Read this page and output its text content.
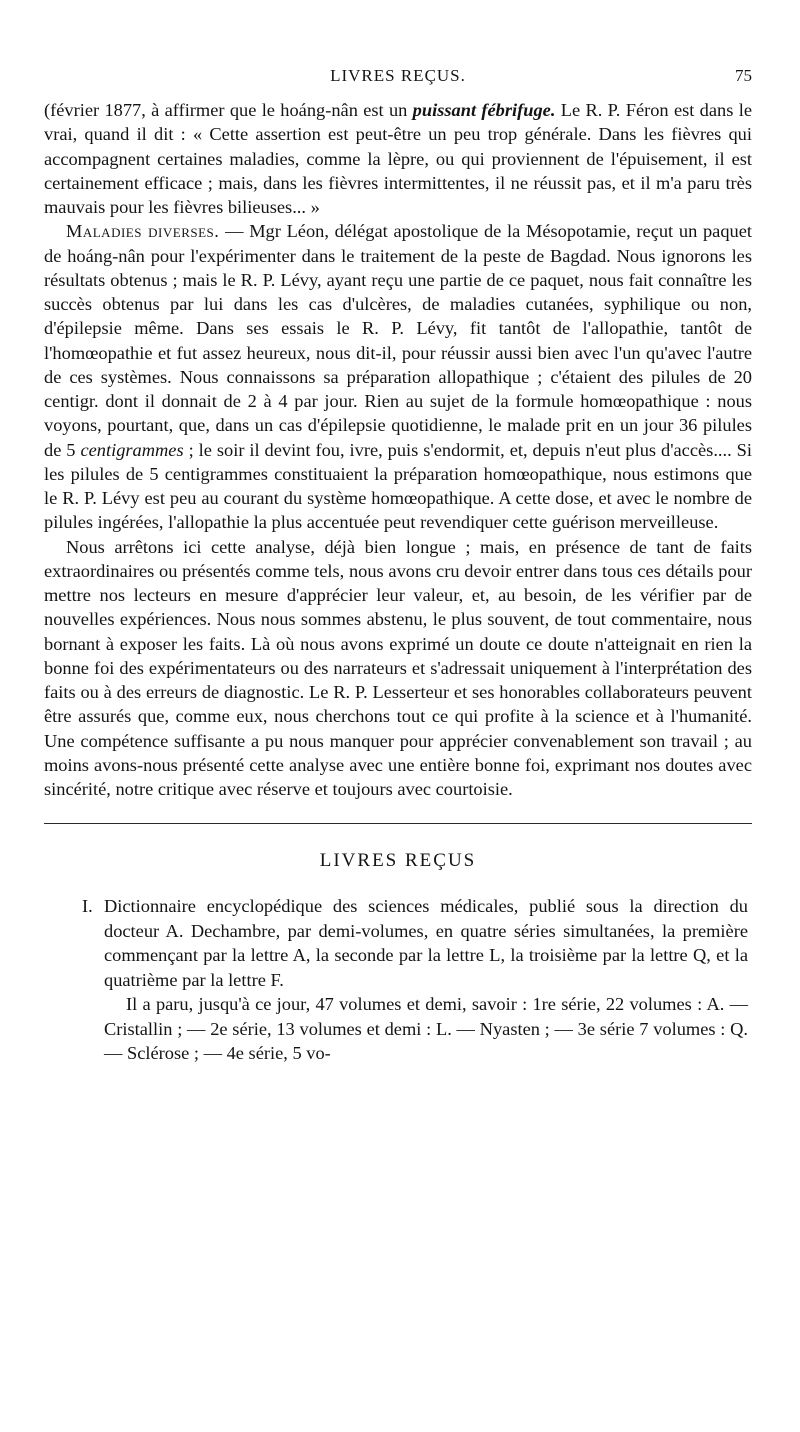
LIVRES REÇUS.	75

(février 1877, à affirmer que le hoáng-nân est un puissant fébrifuge. Le R. P. Féron est dans le vrai, quand il dit : « Cette assertion est peut-être un peu trop générale. Dans les fièvres qui accompagnent certaines maladies, comme la lèpre, ou qui proviennent de l'épuisement, il est certainement efficace ; mais, dans les fièvres intermittentes, il ne réussit pas, et il m'a paru très mauvais pour les fièvres bilieuses... »

Maladies diverses. — Mgr Léon, délégat apostolique de la Mésopotamie, reçut un paquet de hoáng-nân pour l'expérimenter dans le traitement de la peste de Bagdad. Nous ignorons les résultats obtenus ; mais le R. P. Lévy, ayant reçu une partie de ce paquet, nous fait connaître les succès obtenus par lui dans les cas d'ulcères, de maladies cutanées, syphilique ou non, d'épilepsie même. Dans ses essais le R. P. Lévy, fit tantôt de l'allopathie, tantôt de l'homœopathie et fut assez heureux, nous dit-il, pour réussir aussi bien avec l'un qu'avec l'autre de ces systèmes. Nous connaissons sa préparation allopathique ; c'étaient des pilules de 20 centigr. dont il donnait de 2 à 4 par jour. Rien au sujet de la formule homœopathique : nous voyons, pourtant, que, dans un cas d'épilepsie quotidienne, le malade prit en un jour 36 pilules de 5 centigrammes ; le soir il devint fou, ivre, puis s'endormit, et, depuis n'eut plus d'accès.... Si les pilules de 5 centigrammes constituaient la préparation homœopathique, nous estimons que le R. P. Lévy est peu au courant du système homœopathique. A cette dose, et avec le nombre de pilules ingérées, l'allopathie la plus accentuée peut revendiquer cette guérison merveilleuse.

Nous arrêtons ici cette analyse, déjà bien longue ; mais, en présence de tant de faits extraordinaires ou présentés comme tels, nous avons cru devoir entrer dans tous ces détails pour mettre nos lecteurs en mesure d'apprécier leur valeur, et, au besoin, de les vérifier par de nouvelles expériences. Nous nous sommes abstenu, le plus souvent, de tout commentaire, nous bornant à exposer les faits. Là où nous avons exprimé un doute ce doute n'atteignait en rien la bonne foi des expérimentateurs ou des narrateurs et s'adressait uniquement à l'interprétation des faits ou à des erreurs de diagnostic. Le R. P. Lesserteur et ses honorables collaborateurs peuvent être assurés que, comme eux, nous cherchons tout ce qui profite à la science et à l'humanité. Une compétence suffisante a pu nous manquer pour apprécier convenablement son travail ; au moins avons-nous présenté cette analyse avec une entière bonne foi, exprimant nos doutes avec sincérité, notre critique avec réserve et toujours avec courtoisie.

LIVRES REÇUS
I. Dictionnaire encyclopédique des sciences médicales, publié sous la direction du docteur A. Dechambre, par demi-volumes, en quatre séries simultanées, la première commençant par la lettre A, la seconde par la lettre L, la troisième par la lettre Q, et la quatrième par la lettre F.

Il a paru, jusqu'à ce jour, 47 volumes et demi, savoir : 1re série, 22 volumes : A. — Cristallin ; — 2e série, 13 volumes et demi : L. — Nyasten ; — 3e série 7 volumes : Q. — Sclérose ; — 4e série, 5 vo-
